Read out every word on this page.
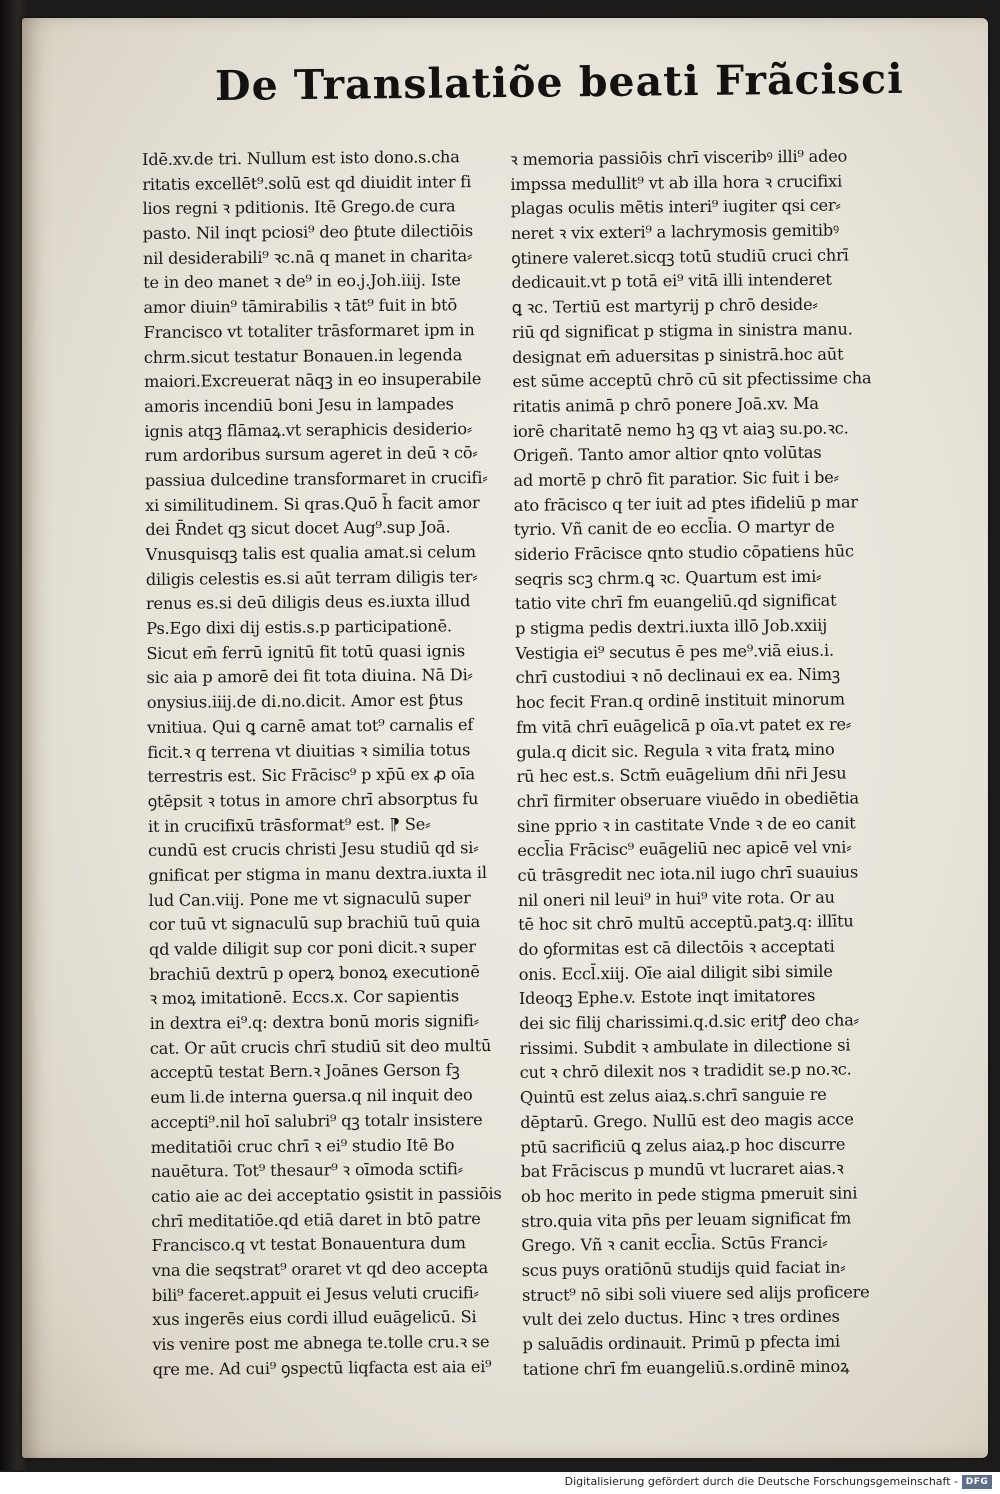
De Translatiõe beati Frãcisci
Idē.xv.de tri. Nullum est isto dono.s.cha
ritatis excellēt⁹.solū est qd diuidit inter fi
lios regni ꝛ pditionis. Itē Grego.de cura
pasto. Nil inqt pciosi⁹ deo ƥtute dilectiōis
nil desiderabili⁹ ꝛc.nā q manet in charita⸗
te in deo manet ꝛ de⁹ in eo.j.Joh.iiij. Iste
amor diuin⁹ tāmirabilis ꝛ tāt⁹ fuit in btō
Francisco vt totaliter trāsformaret ipm in
chrm.sicut testatur Bonauen.in legenda
maiori.Excreuerat nāqꝫ in eo insuperabile
amoris incendiū boni Jesu in lampades
ignis atqꝫ flāmaꝝ.vt seraphicis desiderio⸗
rum ardoribus sursum ageret in deū ꝛ cō⸗
passiua dulcedine transformaret in crucifi⸗
xi similitudinem. Si qras.Quō h̄ facit amor
dei R̄ndet qꝫ sicut docet Aug⁹.sup Joā.
Vnusquisqꝫ talis est qualia amat.si celum
diligis celestis es.si aūt terram diligis ter⸗
renus es.si deū diligis deus es.iuxta illud
Ps.Ego dixi dij estis.s.p participationē.
Sicut em̄ ferrū ignitū fit totū quasi ignis
sic aia p amorē dei fit tota diuina. Nā Di⸗
onysius.iiij.de di.no.dicit. Amor est ƥtus
vnitiua. Qui ꝗ carnē amat tot⁹ carnalis ef
ficit.ꝛ q terrena vt diuitias ꝛ similia totus
terrestris est. Sic Frācisc⁹ p xp̄ū ex ꝓ oīa
ꝯtēpsit ꝛ totus in amore chrī absorptus fu
it in crucifixū trāsformat⁹ est. ⁋ Se⸗
cundū est crucis christi Jesu studiū qd si⸗
gnificat per stigma in manu dextra.iuxta il
lud Can.viij. Pone me vt signaculū super
cor tuū vt signaculū sup brachiū tuū quia
qd valde diligit sup cor poni dicit.ꝛ super
brachiū dextrū p operꝝ bonoꝝ executionē
ꝛ moꝝ imitationē. Eccs.x. Cor sapientis
in dextra ei⁹.q: dextra bonū moris signifi⸗
cat. Or aūt crucis chrī studiū sit deo multū
acceptū testat Bern.ꝛ Joānes Gerson fꝫ
eum li.de interna ꝯuersa.q nil inquit deo
accepti⁹.nil hoī salubri⁹ qꝫ totalr insistere
meditatiōi cruc chrī ꝛ ei⁹ studio Itē Bo
nauētura. Tot⁹ thesaur⁹ ꝛ oīmoda sctifi⸗
catio aie ac dei acceptatio ꝯsistit in passiōis
chrī meditatiōe.qd etiā daret in btō patre
Francisco.q vt testat Bonauentura dum
vna die seqstrat⁹ oraret vt qd deo accepta
bili⁹ faceret.appuit ei Jesus veluti crucifi⸗
xus ingerēs eius cordi illud euāgelicū. Si
vis venire post me abnega te.tolle cru.ꝛ se
qre me. Ad cui⁹ ꝯspectū liqfacta est aia ei⁹
ꝛ memoria passiōis chrī visceribꝰ illi⁹ adeo
impssa medullit⁹ vt ab illa hora ꝛ crucifixi
plagas oculis mētis interi⁹ iugiter qsi cer⸗
neret ꝛ vix exteri⁹ a lachrymosis gemitibꝰ
ꝯtinere valeret.sicqꝫ totū studiū cruci chrī
dedicauit.vt p totā ei⁹ vitā illi intenderet
ꝗ ꝛc. Tertiū est martyrij p chrō deside⸗
riū qd significat p stigma in sinistra manu.
designat em̄ aduersitas p sinistrā.hoc aūt
est sūme acceptū chrō cū sit pfectissime cha
ritatis animā p chrō ponere Joā.xv. Ma
iorē charitatē nemo hꝫ qꝫ vt aiaꝫ su.po.ꝛc.
Origeñ. Tanto amor altior qnto volūtas
ad mortē p chrō fit paratior. Sic fuit i be⸗
ato frācisco q ter iuit ad ptes ifideliū p mar
tyrio. Vñ canit de eo eccl̄ia. O martyr de
siderio Frācisce qnto studio cōpatiens hūc
seqris scꝫ chrm.ꝗ ꝛc. Quartum est imi⸗
tatio vite chrī fm euangeliū.qd significat
p stigma pedis dextri.iuxta illō Job.xxiij
Vestigia ei⁹ secutus ē pes me⁹.viā eius.i.
chrī custodiui ꝛ nō declinaui ex ea. Nimꝫ
hoc fecit Fran.q ordinē instituit minorum
fm vitā chrī euāgelicā p oīa.vt patet ex re⸗
gula.q dicit sic. Regula ꝛ vita fratꝝ mino
rū hec est.s. Sctm̄ euāgelium dn̄i nr̄i Jesu
chrī firmiter obseruare viuēdo in obediētia
sine pprio ꝛ in castitate Vnde ꝛ de eo canit
eccl̄ia Frācisc⁹ euāgeliū nec apicē vel vni⸗
cū trāsgredit nec iota.nil iugo chrī suauius
nil oneri nil leui⁹ in hui⁹ vite rota. Or au
tē hoc sit chrō multū acceptū.patꝫ.q: illītu
do ꝯformitas est cā dilectōis ꝛ acceptati
onis. Eccl̄.xiij. Oīe aial diligit sibi simile
Ideoqꝫ Ephe.v. Estote inqt imitatores
dei sic filij charissimi.q.d.sic eritꝭ deo cha⸗
rissimi. Subdit ꝛ ambulate in dilectione si
cut ꝛ chrō dilexit nos ꝛ tradidit se.p no.ꝛc.
Quintū est zelus aiaꝝ.s.chrī sanguie re
dēptarū. Grego. Nullū est deo magis acce
ptū sacrificiū ꝗ zelus aiaꝝ.p hoc discurre
bat Frāciscus p mundū vt lucraret aias.ꝛ
ob hoc merito in pede stigma pmeruit sini
stro.quia vita pn̄s per leuam significat fm
Grego. Vñ ꝛ canit eccl̄ia. Sctūs Franci⸗
scus puys oratiōnū studijs quid faciat in⸗
struct⁹ nō sibi soli viuere sed alijs proficere
vult dei zelo ductus. Hinc ꝛ tres ordines
p saluādis ordinauit. Primū p pfecta imi
tatione chrī fm euangeliū.s.ordinē minoꝝ
Digitalisierung gefördert durch die Deutsche Forschungsgemeinschaft - DFG
